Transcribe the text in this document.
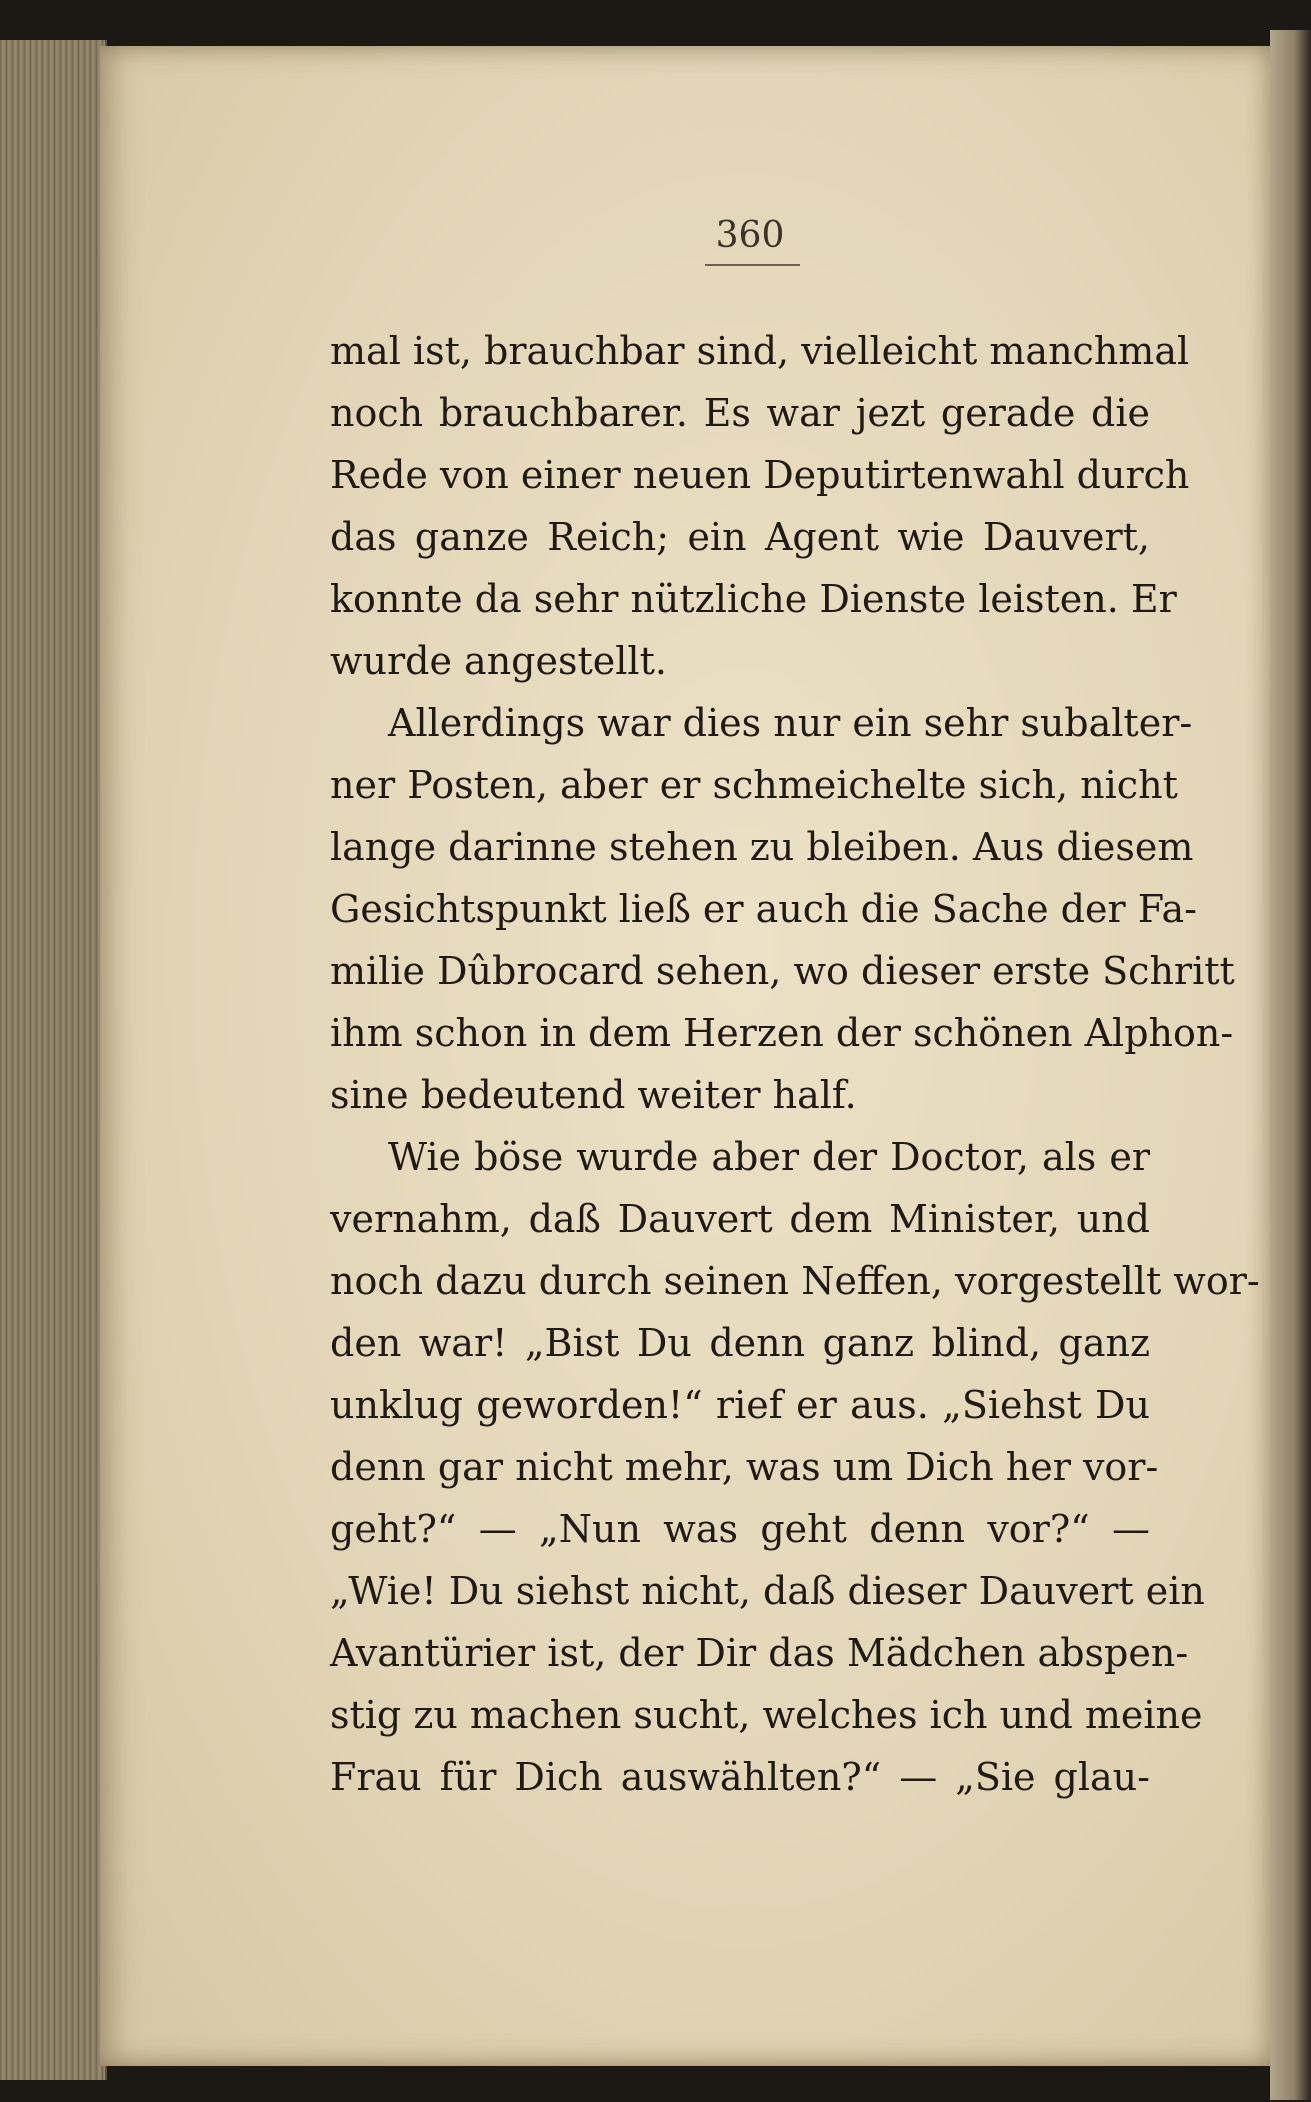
360
mal ist, brauchbar sind, vielleicht manchmal
noch brauchbarer. Es war jezt gerade die
Rede von einer neuen Deputirtenwahl durch
das ganze Reich; ein Agent wie Dauvert,
konnte da sehr nützliche Dienste leisten. Er
wurde angestellt.
Allerdings war dies nur ein sehr subalter-
ner Posten, aber er schmeichelte sich, nicht
lange darinne stehen zu bleiben. Aus diesem
Gesichtspunkt ließ er auch die Sache der Fa-
milie Dûbrocard sehen, wo dieser erste Schritt
ihm schon in dem Herzen der schönen Alphon-
sine bedeutend weiter half.
Wie böse wurde aber der Doctor, als er
vernahm, daß Dauvert dem Minister, und
noch dazu durch seinen Neffen, vorgestellt wor-
den war! „Bist Du denn ganz blind, ganz
unklug geworden!“ rief er aus. „Siehst Du
denn gar nicht mehr, was um Dich her vor-
geht?“ — „Nun was geht denn vor?“ —
„Wie! Du siehst nicht, daß dieser Dauvert ein
Avantürier ist, der Dir das Mädchen abspen-
stig zu machen sucht, welches ich und meine
Frau für Dich auswählten?“ — „Sie glau-
